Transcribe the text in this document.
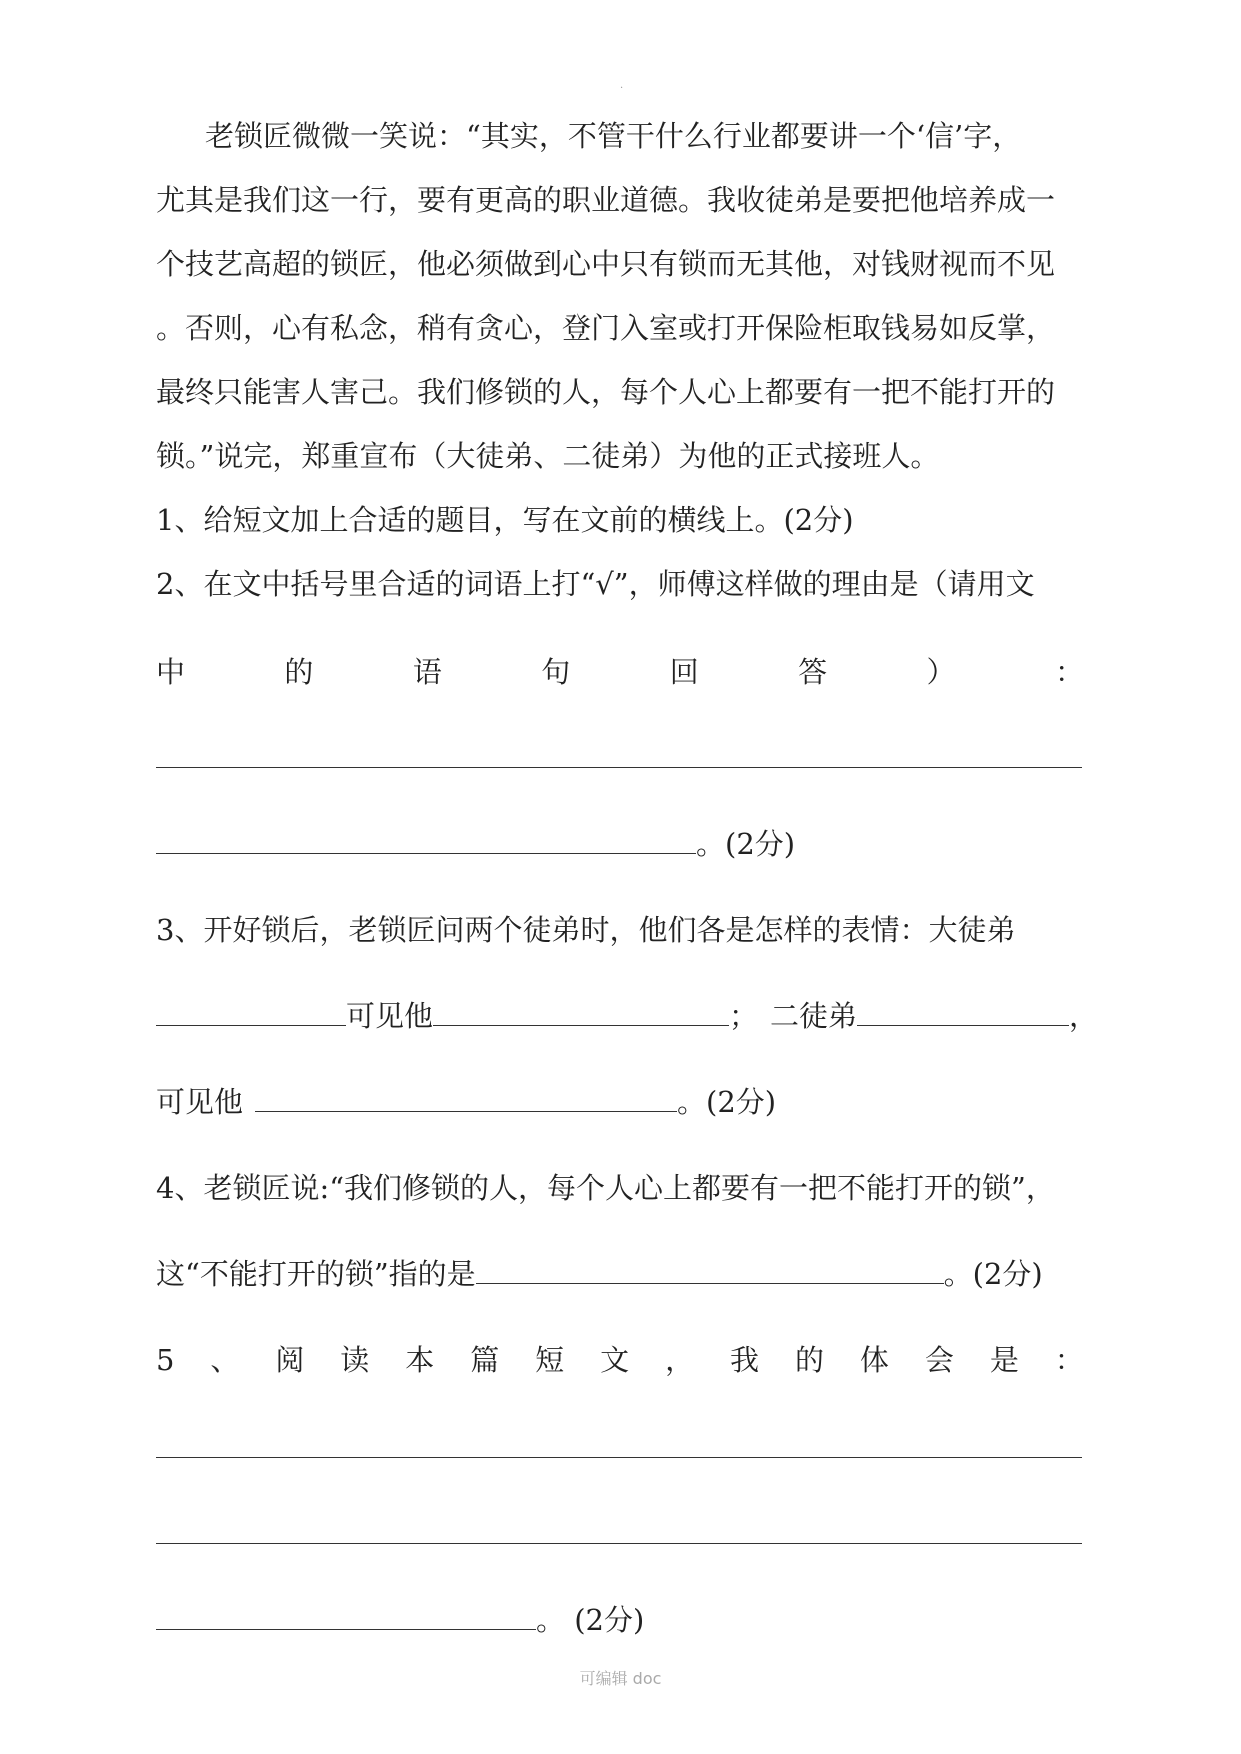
.
老锁匠微微一笑说：“其实，不管干什么行业都要讲一个‘信’字，
尤其是我们这一行，要有更高的职业道德。我收徒弟是要把他培养成一
个技艺高超的锁匠，他必须做到心中只有锁而无其他，对钱财视而不见
。否则，心有私念，稍有贪心，登门入室或打开保险柜取钱易如反掌，
最终只能害人害己。我们修锁的人，每个人心上都要有一把不能打开的
锁。”说完，郑重宣布（大徒弟、二徒弟）为他的正式接班人。
1、给短文加上合适的题目，写在文前的横线上。(2分)
2、在文中括号里合适的词语上打“√”，师傅这样做的理由是（请用文
中	的	语	句	回	答	）	：
。(2分)
3、开好锁后，老锁匠问两个徒弟时，他们各是怎样的表情：大徒弟
可见他	； 二徒弟	，
可见他	。(2分)
4、老锁匠说:“我们修锁的人，每个人心上都要有一把不能打开的锁”，
这“不能打开的锁”指的是	。(2分)
5 、 阅 读 本 篇 短 文 ， 我 的 体 会 是 ：
。 (2分)
可编辑 doc
